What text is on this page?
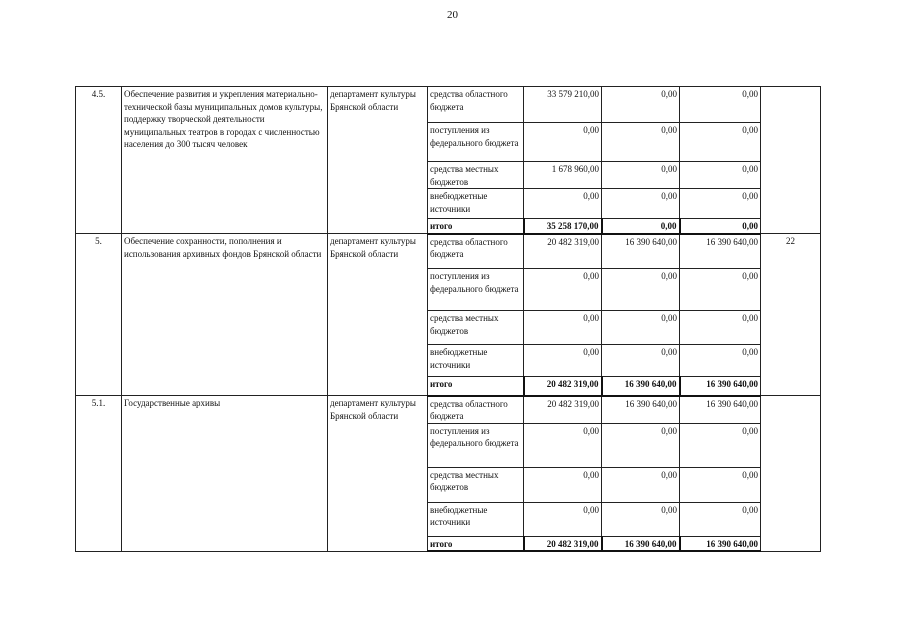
20
4.5.	Обеспечение развития и укрепления материально-технической базы муниципальных домов культуры, поддержку творческой деятельности муниципальных театров в городах с численностью населения до 300 тысяч человек	департамент культуры Брянской области	средства областного бюджета	33 579 210,00	0,00	0,00	
			поступления из федерального бюджета	0,00	0,00	0,00	
			средства местных бюджетов	1 678 960,00	0,00	0,00	
			внебюджетные источники	0,00	0,00	0,00	
			итого	35 258 170,00	0,00	0,00	
5.	Обеспечение сохранности, пополнения и использования архивных фондов Брянской области	департамент культуры Брянской области	средства областного бюджета	20 482 319,00	16 390 640,00	16 390 640,00	22
			поступления из федерального бюджета	0,00	0,00	0,00	
			средства местных бюджетов	0,00	0,00	0,00	
			внебюджетные источники	0,00	0,00	0,00	
			итого	20 482 319,00	16 390 640,00	16 390 640,00	
5.1.	Государственные архивы	департамент культуры Брянской области	средства областного бюджета	20 482 319,00	16 390 640,00	16 390 640,00	
			поступления из федерального бюджета	0,00	0,00	0,00	
			средства местных бюджетов	0,00	0,00	0,00	
			внебюджетные источники	0,00	0,00	0,00	
			итого	20 482 319,00	16 390 640,00	16 390 640,00	
